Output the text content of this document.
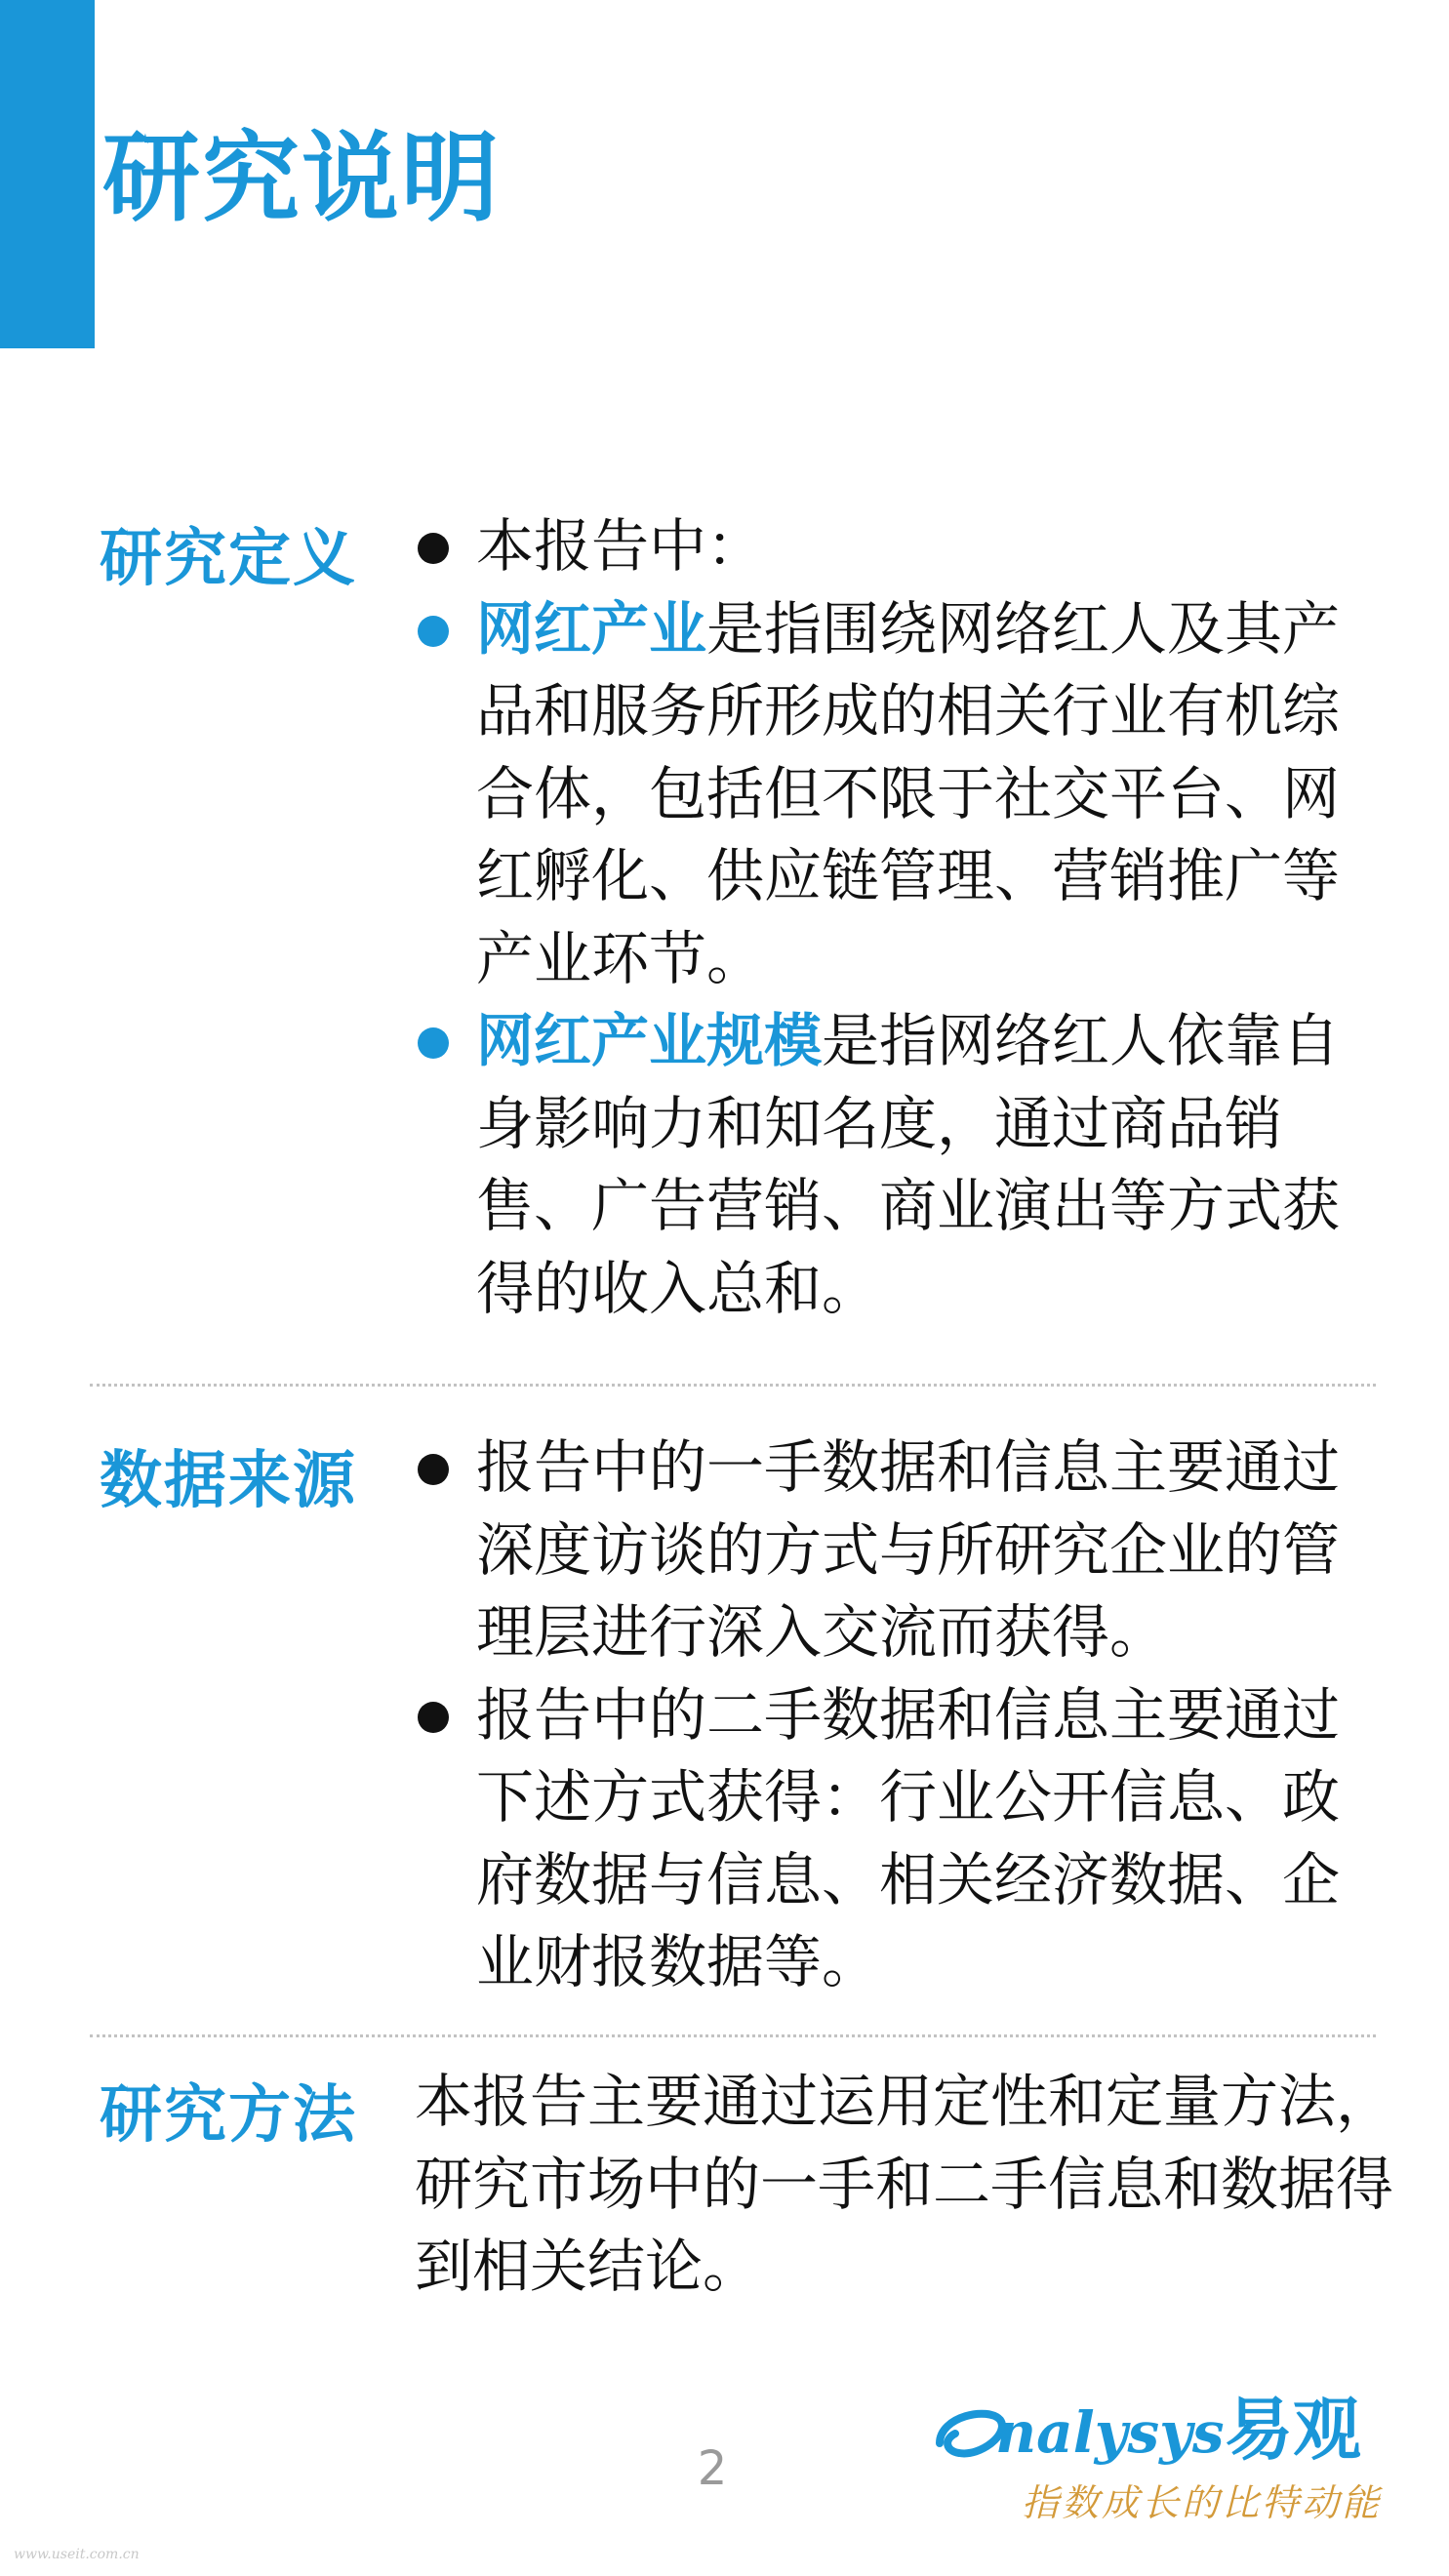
研究说明
研究定义	本报告中：
网红产业是指围绕网络红人及其产品和服务所形成的相关行业有机综合体，包括但不限于社交平台、网红孵化、供应链管理、营销推广等产业环节。
网红产业规模是指网络红人依靠自身影响力和知名度，通过商品销售、广告营销、商业演出等方式获得的收入总和。
数据来源	报告中的一手数据和信息主要通过深度访谈的方式与所研究企业的管理层进行深入交流而获得。
报告中的二手数据和信息主要通过下述方式获得：行业公开信息、政府数据与信息、相关经济数据、企业财报数据等。
研究方法 本报告主要通过运用定性和定量方法，研究市场中的一手和二手信息和数据得到相关结论。
2
nalysys 易观
指数成长的比特动能
www.useit.com.cn
